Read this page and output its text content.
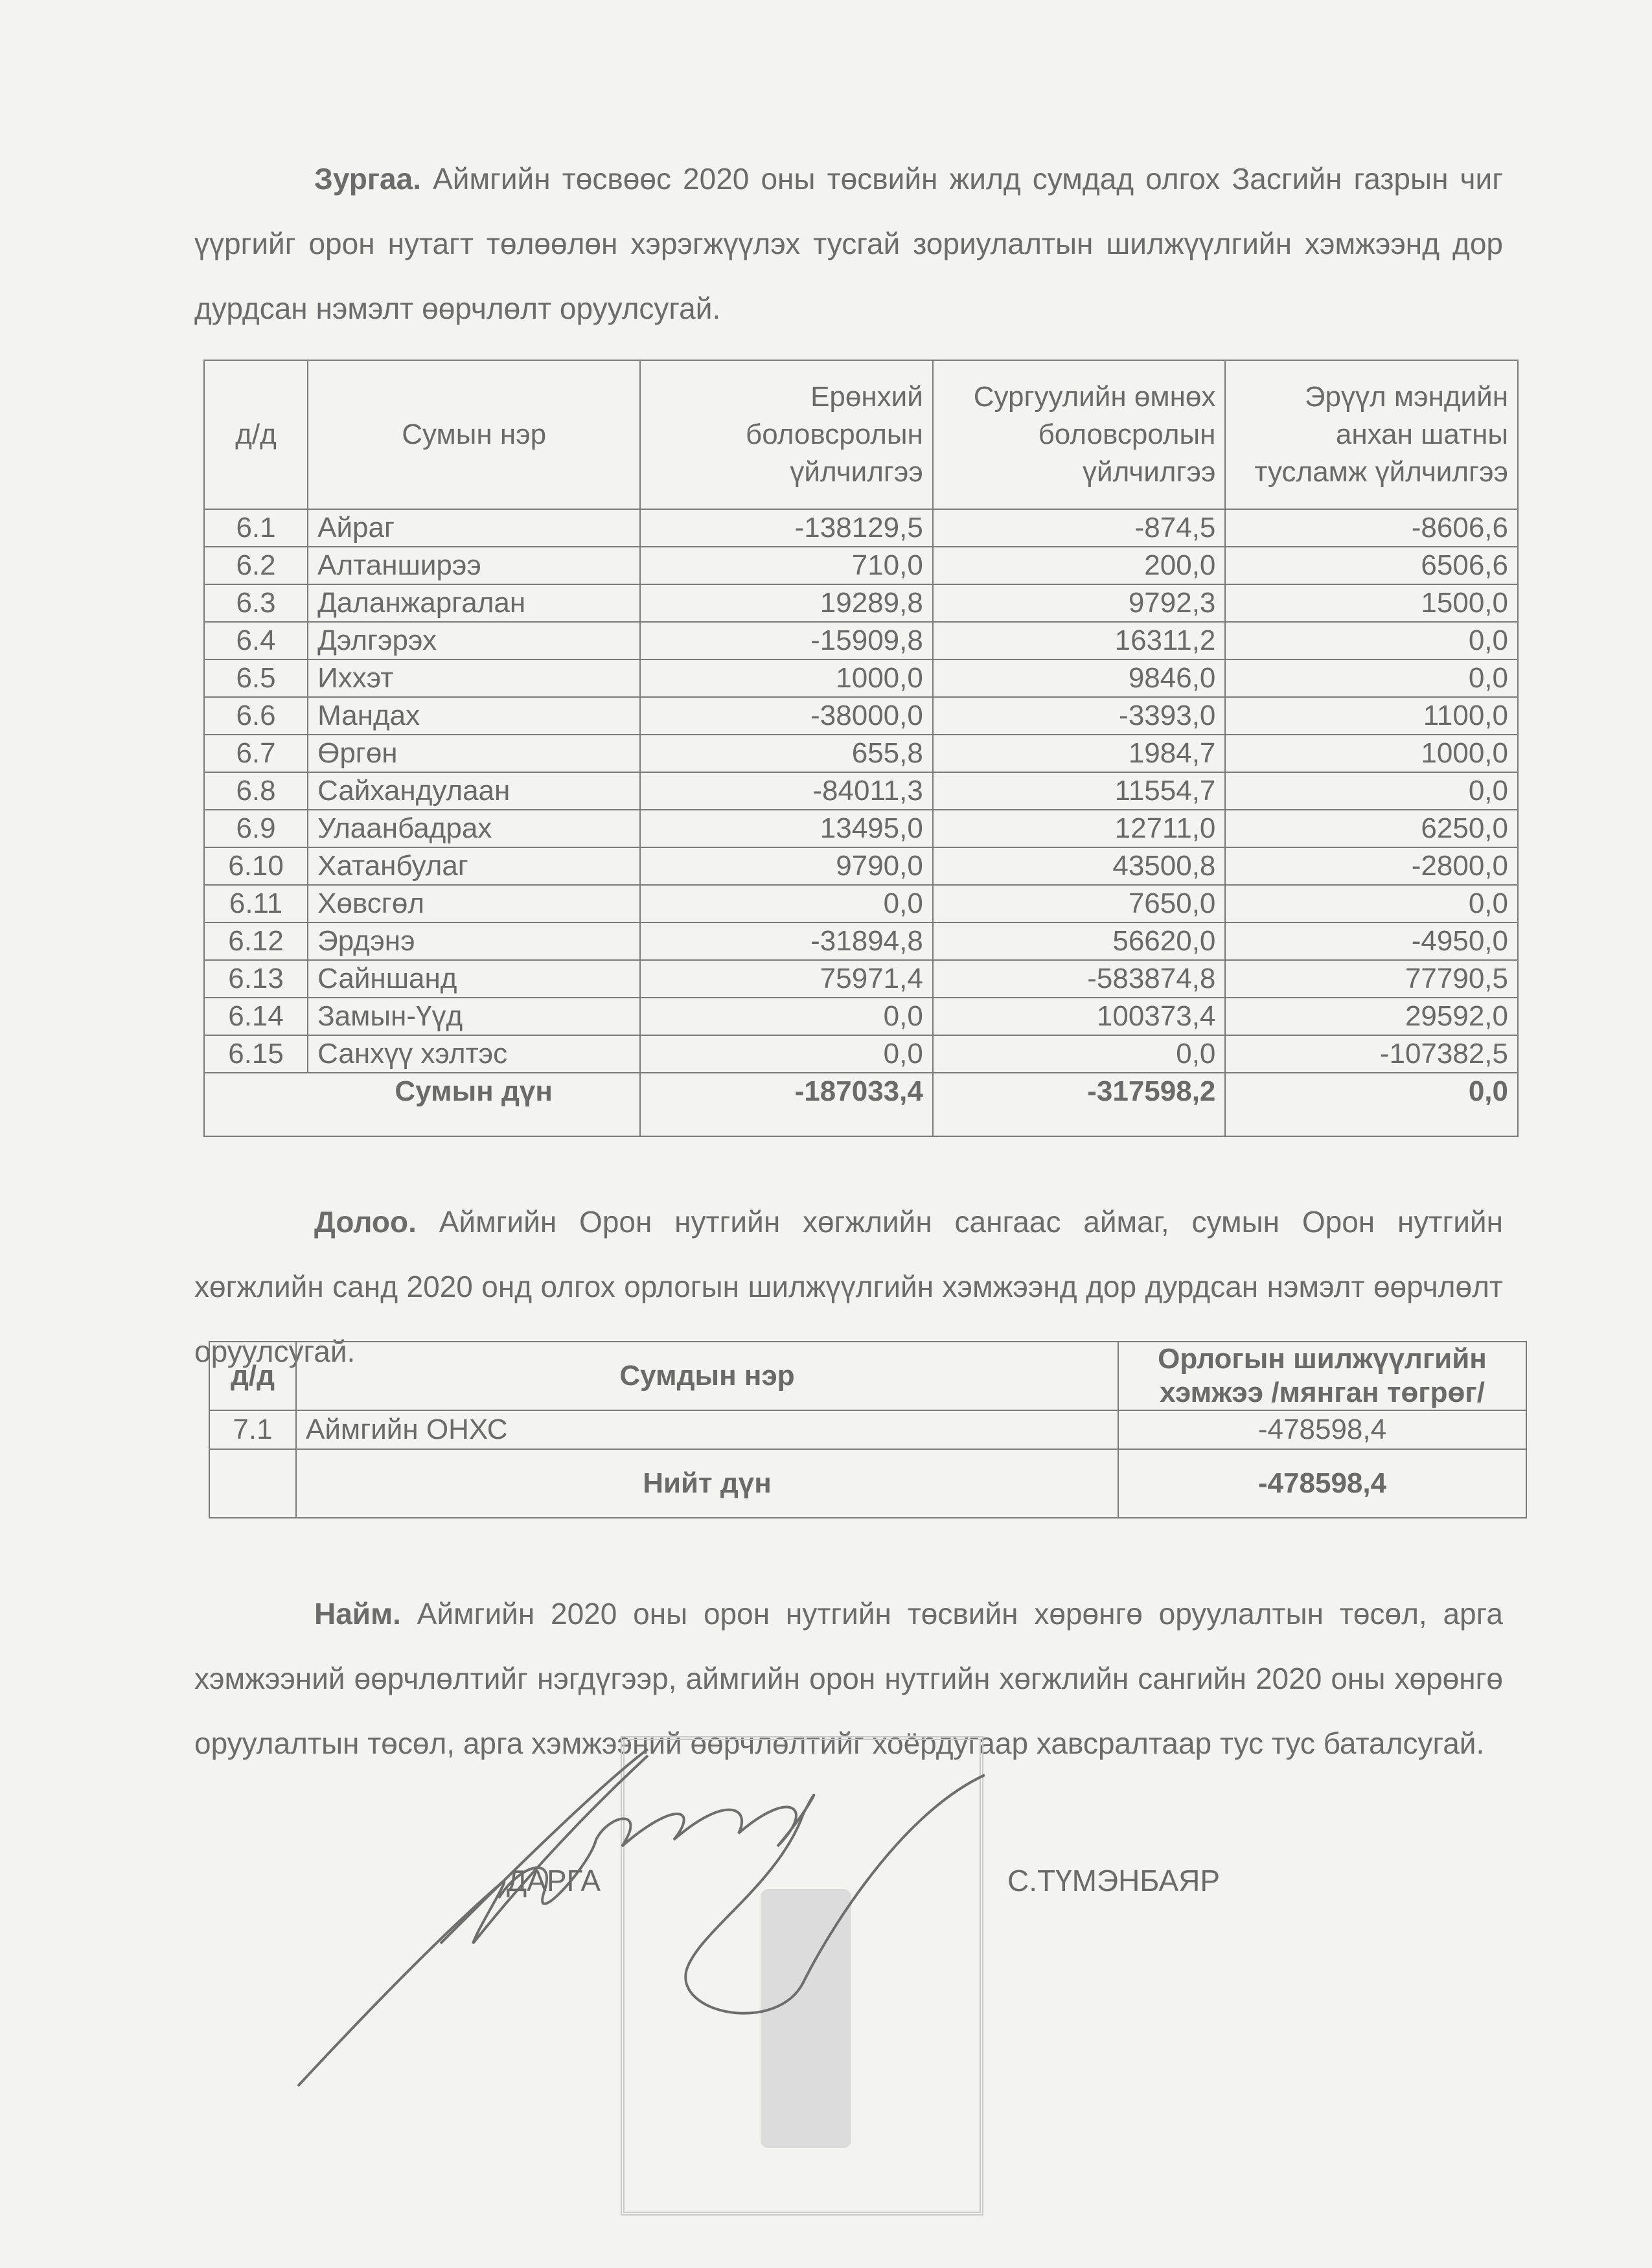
Зургаа. Аймгийн төсвөөс 2020 оны төсвийн жилд сумдад олгох Засгийн газрын чиг үүргийг орон нутагт төлөөлөн хэрэгжүүлэх тусгай зориулалтын шилжүүлгийн хэмжээнд дор дурдсан нэмэлт өөрчлөлт оруулсугай.

д/д	Сумын нэр	Ерөнхий боловсролын үйлчилгээ	Сургуулийн өмнөх боловсролын үйлчилгээ	Эрүүл мэндийн анхан шатны тусламж үйлчилгээ
6.1	Айраг	-138129,5	-874,5	-8606,6
6.2	Алтанширээ	710,0	200,0	6506,6
6.3	Даланжаргалан	19289,8	9792,3	1500,0
6.4	Дэлгэрэх	-15909,8	16311,2	0,0
6.5	Иххэт	1000,0	9846,0	0,0
6.6	Мандах	-38000,0	-3393,0	1100,0
6.7	Өргөн	655,8	1984,7	1000,0
6.8	Сайхандулаан	-84011,3	11554,7	0,0
6.9	Улаанбадрах	13495,0	12711,0	6250,0
6.10	Хатанбулаг	9790,0	43500,8	-2800,0
6.11	Хөвсгөл	0,0	7650,0	0,0
6.12	Эрдэнэ	-31894,8	56620,0	-4950,0
6.13	Сайншанд	75971,4	-583874,8	77790,5
6.14	Замын-Үүд	0,0	100373,4	29592,0
6.15	Санхүү хэлтэс	0,0	0,0	-107382,5
	Сумын дүн	-187033,4	-317598,2	0,0

Долоо. Аймгийн Орон нутгийн хөгжлийн сангаас аймаг, сумын Орон нутгийн хөгжлийн санд 2020 онд олгох орлогын шилжүүлгийн хэмжээнд дор дурдсан нэмэлт өөрчлөлт оруулсугай.

д/д	Сумдын нэр	Орлогын шилжүүлгийн хэмжээ /мянган төгрөг/
7.1	Аймгийн ОНХС	-478598,4
	Нийт дүн	-478598,4

Найм. Аймгийн 2020 оны орон нутгийн төсвийн хөрөнгө оруулалтын төсөл, арга хэмжээний өөрчлөлтийг нэгдүгээр, аймгийн орон нутгийн хөгжлийн сангийн 2020 оны хөрөнгө оруулалтын төсөл, арга хэмжээний өөрчлөлтийг хоёрдугаар хавсралтаар тус тус баталсугай.

ДАРГА	С.ТҮМЭНБАЯР
